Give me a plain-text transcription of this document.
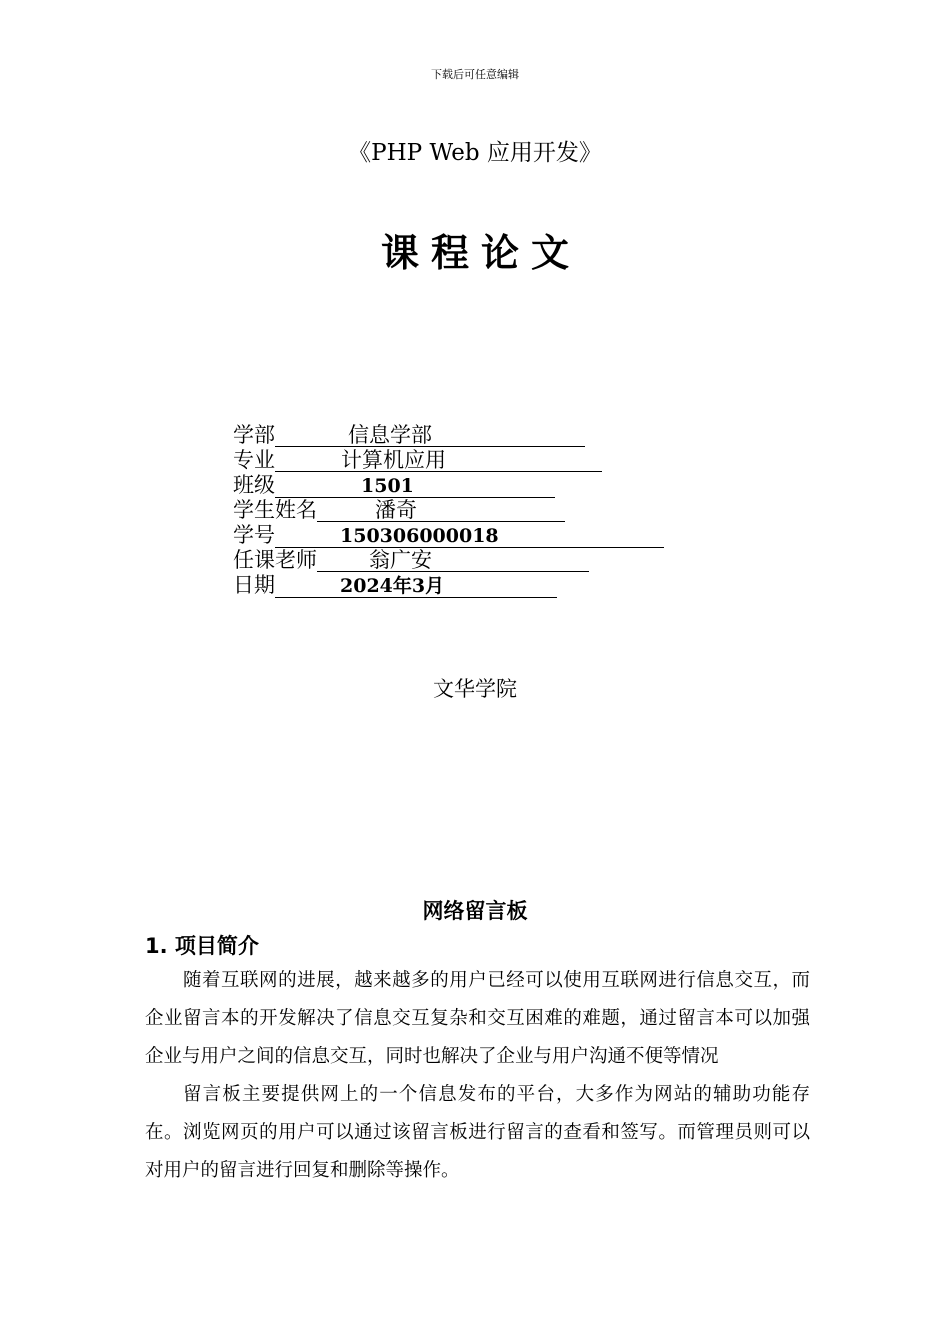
下载后可任意编辑
《PHP Web 应用开发》
课程论文
学部	信息学部
专业	计算机应用
班级	1501
学生姓名	潘奇
学号	150306000018
任课老师	翁广安
日期	2024年3月
文华学院
网络留言板
1. 项目简介

随着互联网的进展，越来越多的用户已经可以使用互联网进行信息交互，而企业留言本的开发解决了信息交互复杂和交互困难的难题，通过留言本可以加强企业与用户之间的信息交互，同时也解决了企业与用户沟通不便等情况

留言板主要提供网上的一个信息发布的平台，大多作为网站的辅助功能存在。浏览网页的用户可以通过该留言板进行留言的查看和签写。而管理员则可以对用户的留言进行回复和删除等操作。
